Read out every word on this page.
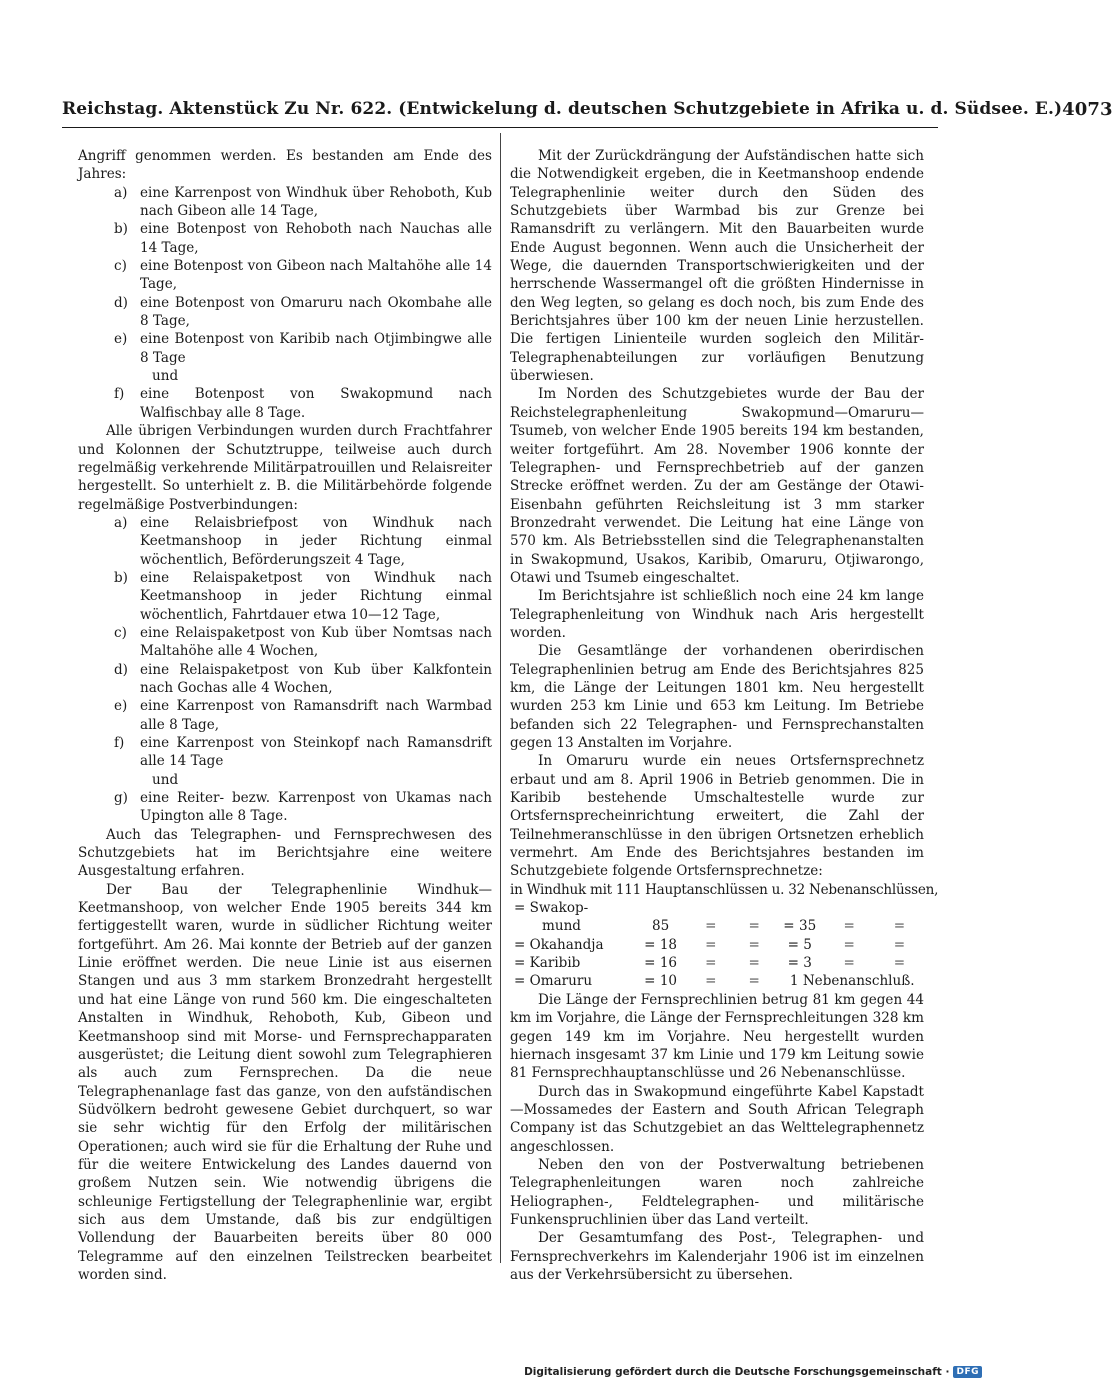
Reichstag. Aktenstück Zu Nr. 622. (Entwickelung d. deutschen Schutzgebiete in Afrika u. d. Südsee. E.) 4073

Angriff genommen werden. Es bestanden am Ende des Jahres:

a) eine Karrenpost von Windhuk über Rehoboth, Kub nach Gibeon alle 14 Tage,
b) eine Botenpost von Rehoboth nach Nauchas alle 14 Tage,
c) eine Botenpost von Gibeon nach Maltahöhe alle 14 Tage,
d) eine Botenpost von Omaruru nach Okombahe alle 8 Tage,
e) eine Botenpost von Karibib nach Otjimbingwe alle 8 Tage
und
f)	eine Botenpost von Swakopmund nach Walfischbay alle 8 Tage.

Alle übrigen Verbindungen wurden durch Frachtfahrer und Kolonnen der Schutztruppe, teilweise auch durch regelmäßig verkehrende Militärpatrouillen und Relaisreiter hergestellt. So unterhielt z. B. die Militärbehörde folgende regelmäßige Postverbindungen:

a) eine Relaisbriefpost von Windhuk nach Keetmanshoop in jeder Richtung einmal wöchentlich, Beförderungszeit 4 Tage,
b) eine Relaispaketpost von Windhuk nach Keetmanshoop in jeder Richtung einmal wöchentlich, Fahrtdauer etwa 10—12 Tage,
c) eine Relaispaketpost von Kub über Nomtsas nach Maltahöhe alle 4 Wochen,
d) eine Relaispaketpost von Kub über Kalkfontein nach Gochas alle 4 Wochen,
e) eine Karrenpost von Ramansdrift nach Warmbad alle 8 Tage,
f)	eine Karrenpost von Steinkopf nach Ramansdrift alle 14 Tage
und
g) eine Reiter- bezw. Karrenpost von Ukamas nach Upington alle 8 Tage.

Auch das Telegraphen- und Fernsprechwesen des Schutzgebiets hat im Berichtsjahre eine weitere Ausgestaltung erfahren.

Der Bau der Telegraphenlinie Windhuk—Keetmanshoop, von welcher Ende 1905 bereits 344 km fertiggestellt waren, wurde in südlicher Richtung weiter fortgeführt. Am 26. Mai konnte der Betrieb auf der ganzen Linie eröffnet werden. Die neue Linie ist aus eisernen Stangen und aus 3 mm starkem Bronzedraht hergestellt und hat eine Länge von rund 560 km. Die eingeschalteten Anstalten in Windhuk, Rehoboth, Kub, Gibeon und Keetmanshoop sind mit Morse- und Fernsprechapparaten ausgerüstet; die Leitung dient sowohl zum Telegraphieren als auch zum Fernsprechen. Da die neue Telegraphenanlage fast das ganze, von den aufständischen Südvölkern bedroht gewesene Gebiet durchquert, so war sie sehr wichtig für den Erfolg der militärischen Operationen; auch wird sie für die Erhaltung der Ruhe und für die weitere Entwickelung des Landes dauernd von großem Nutzen sein. Wie notwendig übrigens die schleunige Fertigstellung der Telegraphenlinie war, ergibt sich aus dem Umstande, daß bis zur endgültigen Vollendung der Bauarbeiten bereits über 80 000 Telegramme auf den einzelnen Teilstrecken bearbeitet worden sind.

Mit der Zurückdrängung der Aufständischen hatte sich die Notwendigkeit ergeben, die in Keetmanshoop endende Telegraphenlinie weiter durch den Süden des Schutzgebiets über Warmbad bis zur Grenze bei Ramansdrift zu verlängern. Mit den Bauarbeiten wurde Ende August begonnen. Wenn auch die Unsicherheit der Wege, die dauernden Transportschwierigkeiten und der herrschende Wassermangel oft die größten Hindernisse in den Weg legten, so gelang es doch noch, bis zum Ende des Berichtsjahres über 100 km der neuen Linie herzustellen. Die fertigen Linienteile wurden sogleich den Militär-Telegraphenabteilungen zur vorläufigen Benutzung überwiesen.

Im Norden des Schutzgebietes wurde der Bau der Reichstelegraphenleitung Swakopmund—Omaruru—Tsumeb, von welcher Ende 1905 bereits 194 km bestanden, weiter fortgeführt. Am 28. November 1906 konnte der Telegraphen- und Fernsprechbetrieb auf der ganzen Strecke eröffnet werden. Zu der am Gestänge der Otawi-Eisenbahn geführten Reichsleitung ist 3 mm starker Bronzedraht verwendet. Die Leitung hat eine Länge von 570 km. Als Betriebsstellen sind die Telegraphenanstalten in Swakopmund, Usakos, Karibib, Omaruru, Otjiwarongo, Otawi und Tsumeb eingeschaltet.

Im Berichtsjahre ist schließlich noch eine 24 km lange Telegraphenleitung von Windhuk nach Aris hergestellt worden.

Die Gesamtlänge der vorhandenen oberirdischen Telegraphenlinien betrug am Ende des Berichtsjahres 825 km, die Länge der Leitungen 1801 km. Neu hergestellt wurden 253 km Linie und 653 km Leitung. Im Betriebe befanden sich 22 Telegraphen- und Fernsprechanstalten gegen 13 Anstalten im Vorjahre.

In Omaruru wurde ein neues Ortsfernsprechnetz erbaut und am 8. April 1906 in Betrieb genommen. Die in Karibib bestehende Umschaltestelle wurde zur Ortsfernsprecheinrichtung erweitert, die Zahl der Teilnehmeranschlüsse in den übrigen Ortsnetzen erheblich vermehrt. Am Ende des Berichtsjahres bestanden im Schutzgebiete folgende Ortsfernsprechnetze:

in Windhuk mit 111 Hauptanschlüssen u. 32 Nebenanschlüssen,

= Swakop-						
mund	85	=	=	= 35	=	=
= Okahandja	= 18	=	=	= 5	=	=
= Karibib	= 16	=	=	= 3	=	=
= Omaruru	= 10	=	=	1 Nebenanschluß.		

Die Länge der Fernsprechlinien betrug 81 km gegen 44 km im Vorjahre, die Länge der Fernsprechleitungen 328 km gegen 149 km im Vorjahre. Neu hergestellt wurden hiernach insgesamt 37 km Linie und 179 km Leitung sowie 81 Fernsprechhauptanschlüsse und 26 Nebenanschlüsse.

Durch das in Swakopmund eingeführte Kabel Kapstadt—Mossamedes der Eastern and South African Telegraph Company ist das Schutzgebiet an das Welttelegraphennetz angeschlossen.

Neben den von der Postverwaltung betriebenen Telegraphenleitungen waren noch zahlreiche Heliographen-, Feldtelegraphen- und militärische Funkenspruchlinien über das Land verteilt.

Der Gesamtumfang des Post-, Telegraphen- und Fernsprechverkehrs im Kalenderjahr 1906 ist im einzelnen aus der Verkehrsübersicht zu übersehen.

Digitalisierung gefördert durch die Deutsche Forschungsgemeinschaft · DFG
